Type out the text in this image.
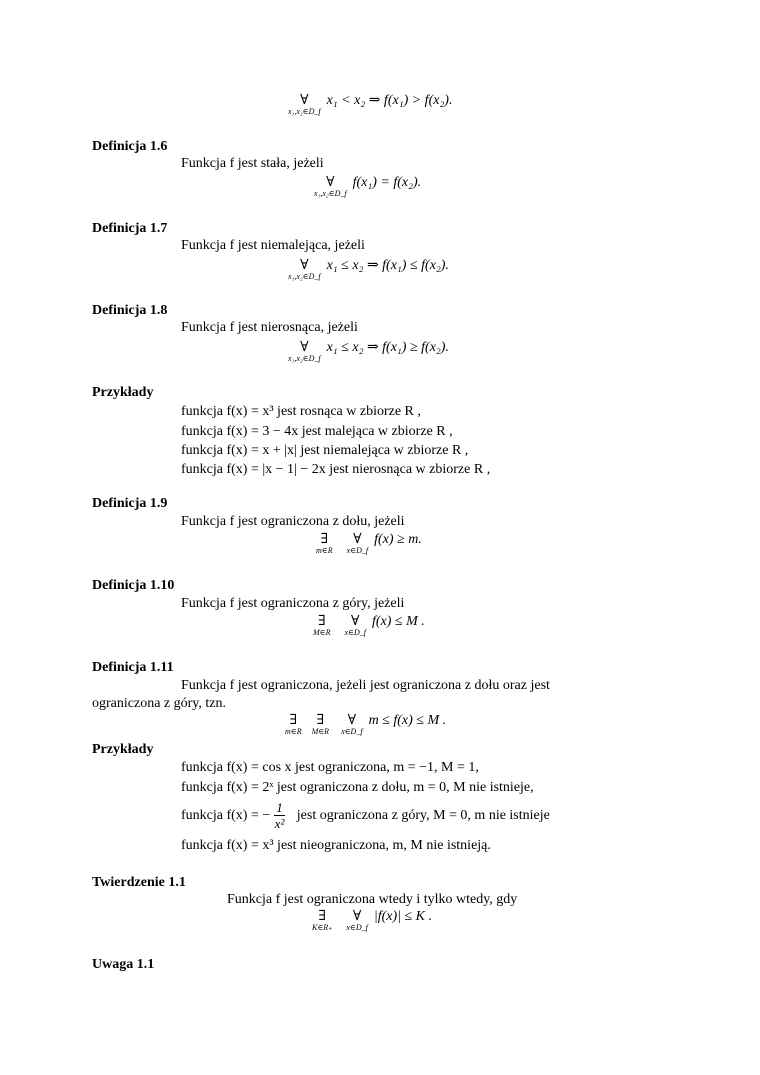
∀
x₁,x₂∈D_f
x₁ < x₂ ⇒ f(x₁) > f(x₂).
Definicja 1.6
Funkcja f jest stała, jeżeli
∀
x₁,x₂∈D_f
f(x₁) = f(x₂).
Definicja 1.7
Funkcja f jest niemalejąca, jeżeli
∀
x₁,x₂∈D_f
x₁ ≤ x₂ ⇒ f(x₁) ≤ f(x₂).
Definicja 1.8
Funkcja f jest nierosnąca, jeżeli
∀
x₁,x₂∈D_f
x₁ ≤ x₂ ⇒ f(x₁) ≥ f(x₂).
Przykłady
funkcja f(x) = x³ jest rosnąca w zbiorze R ,
funkcja f(x) = 3 − 4x jest malejąca w zbiorze R ,
funkcja f(x) = x + |x| jest niemalejąca w zbiorze R ,
funkcja f(x) = |x − 1| − 2x jest nierosnąca w zbiorze R ,
Definicja 1.9
Funkcja f jest ograniczona z dołu, jeżeli
∃
m∈R
∀
x∈D_f
f(x) ≥ m.
Definicja 1.10
Funkcja f jest ograniczona z góry, jeżeli
∃
M∈R
∀
x∈D_f
f(x) ≤ M .
Definicja 1.11
Funkcja f jest ograniczona, jeżeli jest ograniczona z dołu oraz jest
ograniczona z góry, tzn.
∃
m∈R
∃
M∈R
∀
x∈D_f
m ≤ f(x) ≤ M .
Przykłady
funkcja f(x) = cos x jest ograniczona, m = −1, M = 1,
funkcja f(x) = 2ˣ jest ograniczona z dołu, m = 0, M nie istnieje,
funkcja f(x) = − $\frac{1}{\text{x²}}$ jest ograniczona z góry, M = 0, m nie istnieje
funkcja f(x) = x³ jest nieograniczona, m, M nie istnieją.
Twierdzenie 1.1
Funkcja f jest ograniczona wtedy i tylko wtedy, gdy
∃
K∈R₊
∀
x∈D_f
|f(x)| ≤ K .
Uwaga 1.1
